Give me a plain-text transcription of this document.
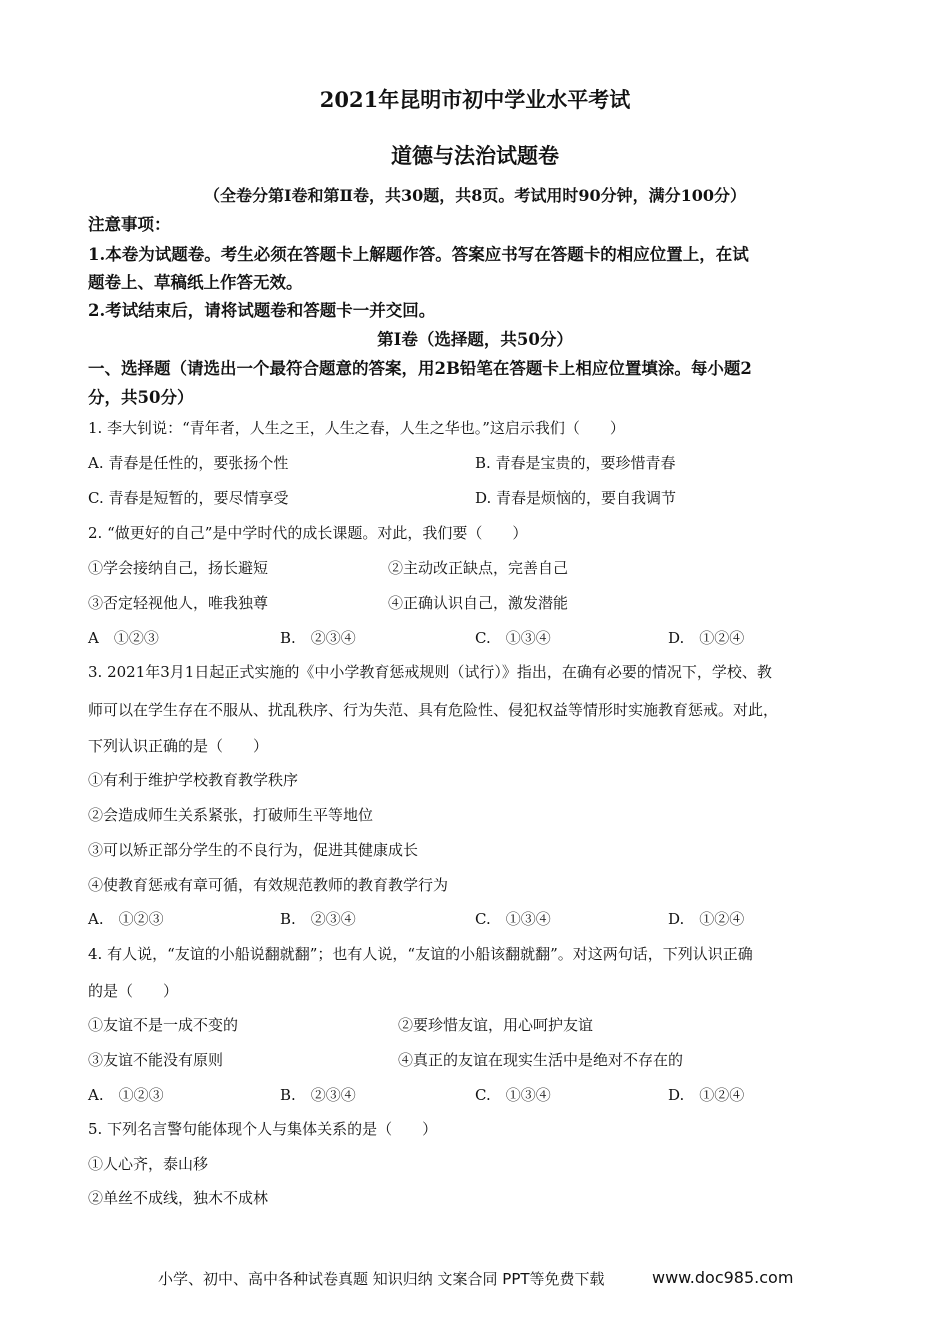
2021年昆明市初中学业水平考试
道德与法治试题卷
（全卷分第Ⅰ卷和第Ⅱ卷，共30题，共8页。考试用时90分钟，满分100分）
注意事项：
1.本卷为试题卷。考生必须在答题卡上解题作答。答案应书写在答题卡的相应位置上，在试
题卷上、草稿纸上作答无效。
2.考试结束后，请将试题卷和答题卡一并交回。
第Ⅰ卷（选择题，共50分）
一、选择题（请选出一个最符合题意的答案，用2B铅笔在答题卡上相应位置填涂。每小题2
分，共50分）
1. 李大钊说：“青年者，人生之王，人生之春，人生之华也。”这启示我们（　　）
A. 青春是任性的，要张扬个性	B. 青春是宝贵的，要珍惜青春
C. 青春是短暂的，要尽情享受	D. 青春是烦恼的，要自我调节
2. “做更好的自己”是中学时代的成长课题。对此，我们要（　　）
①学会接纳自己，扬长避短	②主动改正缺点，完善自己
③否定轻视他人，唯我独尊	④正确认识自己，激发潜能
A　①②③	B.　②③④	C.　①③④	D.　①②④
3. 2021年3月1日起正式实施的《中小学教育惩戒规则（试行）》指出，在确有必要的情况下，学校、教
师可以在学生存在不服从、扰乱秩序、行为失范、具有危险性、侵犯权益等情形时实施教育惩戒。对此，
下列认识正确的是（　　）
①有利于维护学校教育教学秩序
②会造成师生关系紧张，打破师生平等地位
③可以矫正部分学生的不良行为，促进其健康成长
④使教育惩戒有章可循，有效规范教师的教育教学行为
A.　①②③	B.　②③④	C.　①③④	D.　①②④
4. 有人说，“友谊的小船说翻就翻”；也有人说，“友谊的小船该翻就翻”。对这两句话，下列认识正确
的是（　　）
①友谊不是一成不变的	②要珍惜友谊，用心呵护友谊
③友谊不能没有原则	④真正的友谊在现实生活中是绝对不存在的
A.　①②③	B.　②③④	C.　①③④	D.　①②④
5. 下列名言警句能体现个人与集体关系的是（　　）
①人心齐，泰山移
②单丝不成线，独木不成林
小学、初中、高中各种试卷真题 知识归纳 文案合同 PPT等免费下载	www.doc985.com
